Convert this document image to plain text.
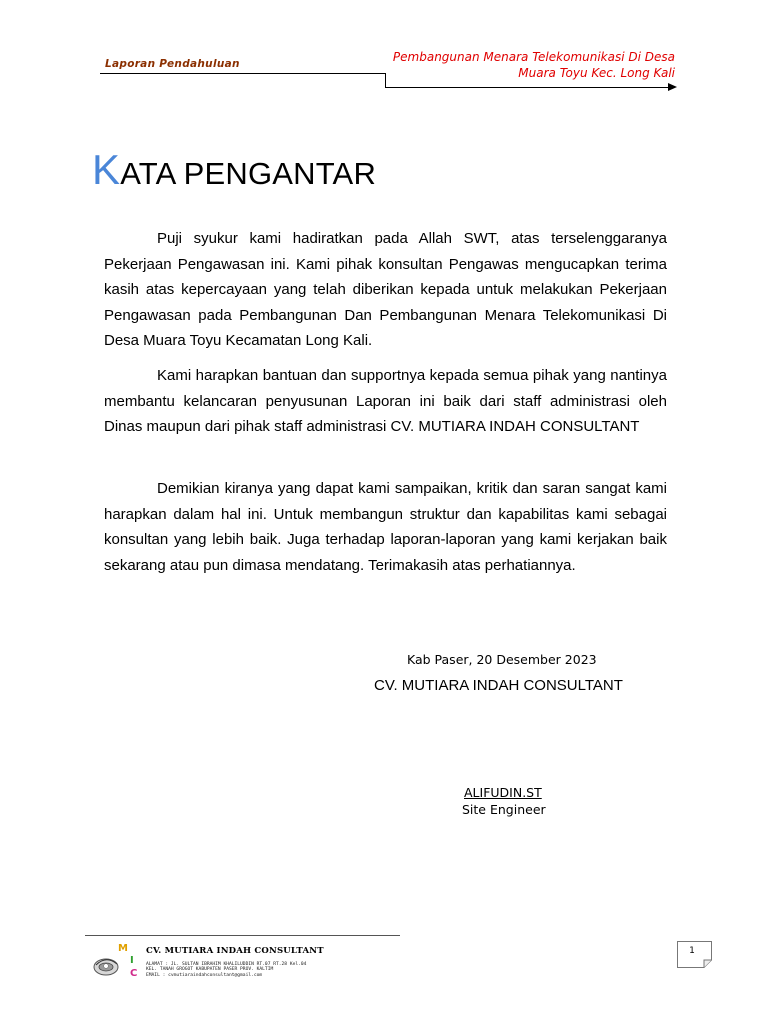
Laporan Pendahuluan	Pembangunan Menara Telekomunikasi Di Desa
Muara Toyu Kec. Long Kali
KATA PENGANTAR

Puji syukur kami hadiratkan pada Allah SWT, atas terselenggaranya Pekerjaan Pengawasan ini. Kami pihak konsultan Pengawas mengucapkan terima kasih atas kepercayaan yang telah diberikan kepada untuk melakukan Pekerjaan Pengawasan pada Pembangunan Dan Pembangunan Menara Telekomunikasi Di Desa Muara Toyu Kecamatan Long Kali.

Kami harapkan bantuan dan supportnya kepada semua pihak yang nantinya membantu kelancaran penyusunan Laporan ini baik dari staff administrasi oleh Dinas maupun dari pihak staff administrasi CV. MUTIARA INDAH CONSULTANT

Demikian kiranya yang dapat kami sampaikan, kritik dan saran sangat kami harapkan dalam hal ini. Untuk membangun struktur dan kapabilitas kami sebagai konsultan yang lebih baik. Juga terhadap laporan-laporan yang kami kerjakan baik sekarang atau pun dimasa mendatang. Terimakasih atas perhatiannya.

Kab Paser, 20 Desember 2023
CV. MUTIARA INDAH CONSULTANT
ALIFUDIN.ST
Site Engineer
M
I
C
CV. MUTIARA INDAH CONSULTANT
ALAMAT : JL. SULTAN IBRAHIM KHALILUDDIN RT.07 RT.28 Kel.04
KEL. TANAH GROGOT KABUPATEN PASER PROV. KALTIM
EMAIL : cvmutiaraindahconsultant@gmail.com
1
